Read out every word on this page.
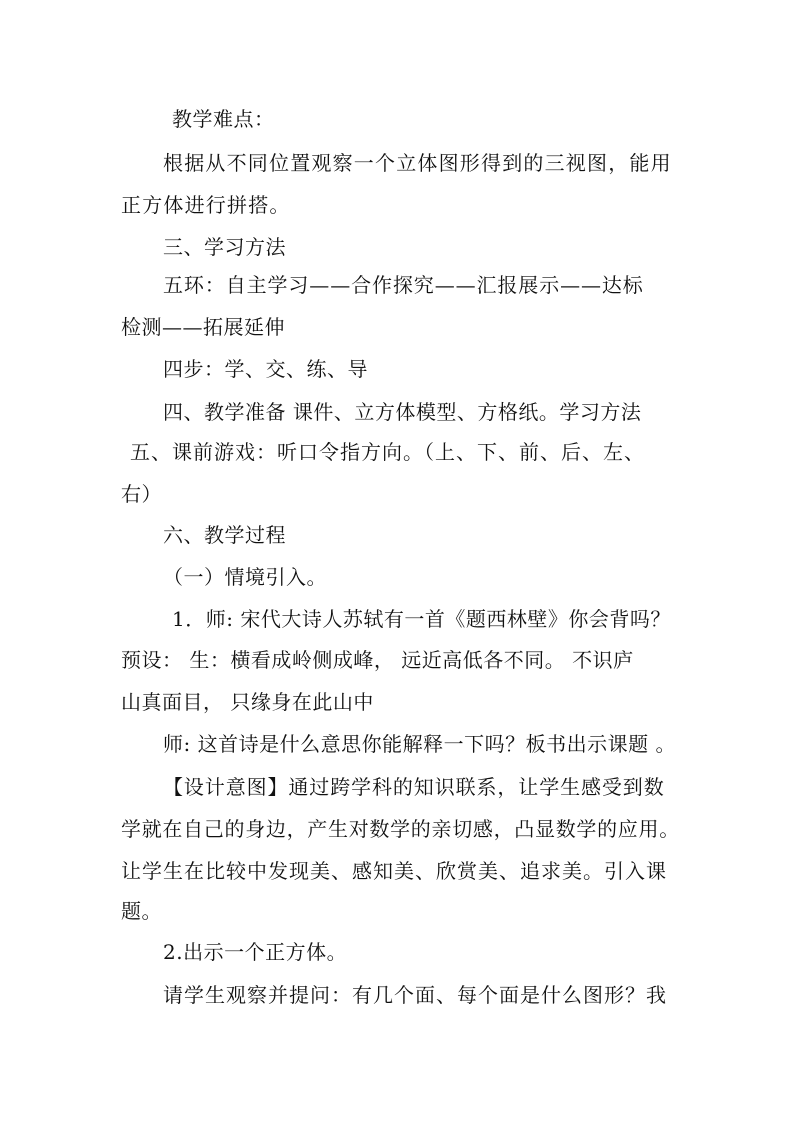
教学难点：
根据从不同位置观察一个立体图形得到的三视图，能用
正方体进行拼搭。
三、学习方法
五环：自主学习——合作探究——汇报展示——达标
检测——拓展延伸
四步：学、交、练、导
四、教学准备 课件、立方体模型、方格纸。学习方法
五、课前游戏：听口令指方向。（上、下、前、后、左、
右）
六、教学过程
（一）情境引入。
1．师: 宋代大诗人苏轼有一首《题西林壁》你会背吗？
预设： 生：横看成岭侧成峰， 远近高低各不同。 不识庐
山真面目， 只缘身在此山中
师: 这首诗是什么意思你能解释一下吗？板书出示课题 。
【设计意图】通过跨学科的知识联系，让学生感受到数
学就在自己的身边，产生对数学的亲切感，凸显数学的应用。
让学生在比较中发现美、感知美、欣赏美、追求美。引入课
题。
2.出示一个正方体。
请学生观察并提问：有几个面、每个面是什么图形？我
